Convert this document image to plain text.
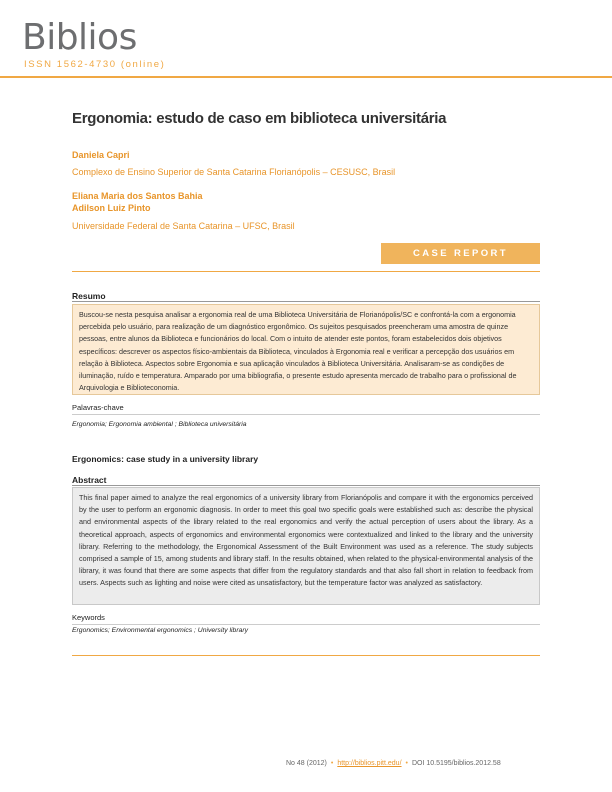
Biblios
ISSN 1562-4730 (online)
Ergonomia: estudo de caso em biblioteca universitária
Daniela Capri
Complexo de Ensino Superior de Santa Catarina Florianópolis – CESUSC, Brasil
Eliana Maria dos Santos Bahia
Adilson Luiz Pinto
Universidade Federal de Santa Catarina – UFSC, Brasil
CASE REPORT
Resumo
Buscou-se nesta pesquisa analisar a ergonomia real de uma Biblioteca Universitária de Florianópolis/SC e confrontá-la com a ergonomia percebida pelo usuário, para realização de um diagnóstico ergonômico. Os sujeitos pesquisados preencheram uma amostra de quinze pessoas, entre alunos da Biblioteca e funcionários do local. Com o intuito de atender este pontos, foram estabelecidos dois objetivos específicos: descrever os aspectos físico-ambientais da Biblioteca, vinculados à Ergonomia real e verificar a percepção dos usuários em relação à Biblioteca. Aspectos sobre Ergonomia e sua aplicação vinculados à Biblioteca Universitária. Analisaram-se as condições de iluminação, ruído e temperatura. Amparado por uma bibliografia, o presente estudo apresenta mercado de trabalho para o profissional de Arquivologia e Biblioteconomia.
Palavras-chave
Ergonomia; Ergonomia ambiental ; Biblioteca universitária
Ergonomics: case study in a university library
Abstract
This final paper aimed to analyze the real ergonomics of a university library from Florianópolis and compare it with the ergonomics perceived by the user to perform an ergonomic diagnosis. In order to meet this goal two specific goals were established such as: describe the physical and environmental aspects of the library related to the real ergonomics and verify the actual perception of users about the library. As a theoretical approach, aspects of ergonomics and environmental ergonomics were contextualized and linked to the library and the university library. Referring to the methodology, the Ergonomical Assessment of the Built Environment was used as a reference. The study subjects comprised a sample of 15, among students and library staff. In the results obtained, when related to the physical-environmental analysis of the library, it was found that there are some aspects that differ from the regulatory standards and that also fall short in relation to feedback from users. Aspects such as lighting and noise were cited as unsatisfactory, but the temperature factor was analyzed as satisfactory.
Keywords
Ergonomics; Environmental ergonomics ; University library
No 48 (2012) • http://biblios.pitt.edu/ • DOI 10.5195/biblios.2012.58
